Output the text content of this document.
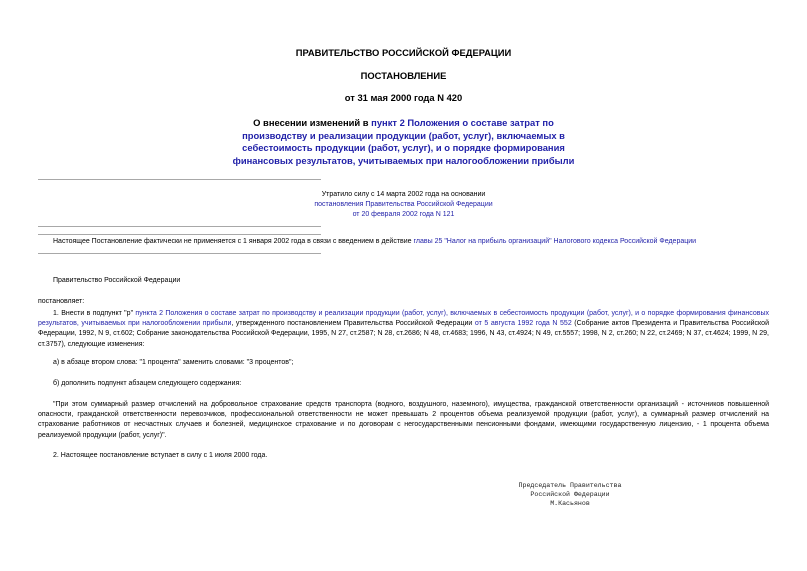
ПРАВИТЕЛЬСТВО РОССИЙСКОЙ ФЕДЕРАЦИИ
ПОСТАНОВЛЕНИЕ
от 31 мая 2000 года N 420
О внесении изменений в пункт 2 Положения о составе затрат по
производству и реализации продукции (работ, услуг), включаемых в
себестоимость продукции (работ, услуг), и о порядке формирования
финансовых результатов, учитываемых при налогообложении прибыли
Утратило силу с 14 марта 2002 года на основании
постановления Правительства Российской Федерации
от 20 февраля 2002 года N 121
Настоящее Постановление фактически не применяется с 1 января 2002 года в связи с введением в действие главы 25 "Налог на прибыль организаций" Налогового кодекса Российской Федерации
Правительство Российской Федерации
постановляет:
1. Внести в подпункт "р" пункта 2 Положения о составе затрат по производству и реализации продукции (работ, услуг), включаемых в себестоимость продукции (работ, услуг), и о порядке формирования финансовых результатов, учитываемых при налогообложении прибыли, утвержденного постановлением Правительства Российской Федерации от 5 августа 1992 года N 552 (Собрание актов Президента и Правительства Российской Федерации, 1992, N 9, ст.602; Собрание законодательства Российской Федерации, 1995, N 27, ст.2587; N 28, ст.2686; N 48, ст.4683; 1996, N 43, ст.4924; N 49, ст.5557; 1998, N 2, ст.260; N 22, ст.2469; N 37, ст.4624; 1999, N 29, ст.3757), следующие изменения:
а) в абзаце втором слова: "1 процента" заменить словами: "3 процентов";
б) дополнить подпункт абзацем следующего содержания:
"При этом суммарный размер отчислений на добровольное страхование средств транспорта (водного, воздушного, наземного), имущества, гражданской ответственности организаций - источников повышенной опасности, гражданской ответственности перевозчиков, профессиональной ответственности не может превышать 2 процентов объема реализуемой продукции (работ, услуг), а суммарный размер отчислений на страхование работников от несчастных случаев и болезней, медицинское страхование и по договорам с негосударственными пенсионными фондами, имеющими государственную лицензию, - 1 процента объема реализуемой продукции (работ, услуг)".
2. Настоящее постановление вступает в силу с 1 июля 2000 года.
Председатель Правительства
Российской Федерации
М.Касьянов
